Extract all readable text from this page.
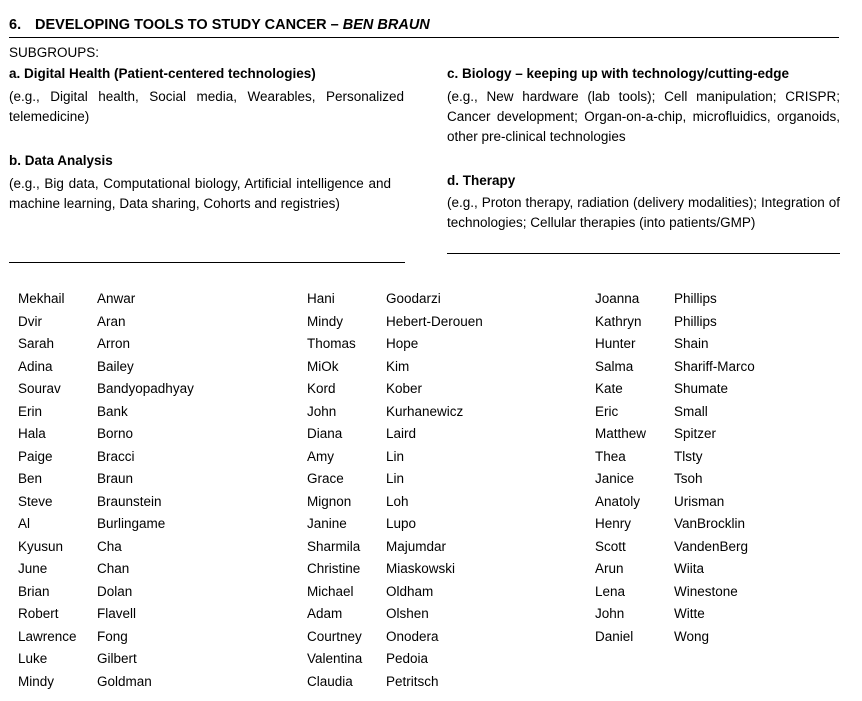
6. DEVELOPING TOOLS TO STUDY CANCER – BEN BRAUN
SUBGROUPS:
a. Digital Health (Patient-centered technologies)
(e.g., Digital health, Social media, Wearables, Personalized telemedicine)
b. Data Analysis
(e.g., Big data, Computational biology, Artificial intelligence and machine learning, Data sharing, Cohorts and registries)
c. Biology – keeping up with technology/cutting-edge
(e.g., New hardware (lab tools); Cell manipulation; CRISPR; Cancer development; Organ-on-a-chip, microfluidics, organoids, other pre-clinical technologies
d. Therapy
(e.g., Proton therapy, radiation (delivery modalities); Integration of technologies; Cellular therapies (into patients/GMP)
Mekhail	Anwar
Dvir	Aran
Sarah	Arron
Adina	Bailey
Sourav	Bandyopadhyay
Erin	Bank
Hala	Borno
Paige	Bracci
Ben	Braun
Steve	Braunstein
Al	Burlingame
Kyusun	Cha
June	Chan
Brian	Dolan
Robert	Flavell
Lawrence	Fong
Luke	Gilbert
Mindy	Goldman
Hani	Goodarzi
Mindy	Hebert-Derouen
Thomas	Hope
MiOk	Kim
Kord	Kober
John	Kurhanewicz
Diana	Laird
Amy	Lin
Grace	Lin
Mignon	Loh
Janine	Lupo
Sharmila	Majumdar
Christine	Miaskowski
Michael	Oldham
Adam	Olshen
Courtney	Onodera
Valentina	Pedoia
Claudia	Petritsch
Joanna	Phillips
Kathryn	Phillips
Hunter	Shain
Salma	Shariff-Marco
Kate	Shumate
Eric	Small
Matthew	Spitzer
Thea	Tlsty
Janice	Tsoh
Anatoly	Urisman
Henry	VanBrocklin
Scott	VandenBerg
Arun	Wiita
Lena	Winestone
John	Witte
Daniel	Wong
